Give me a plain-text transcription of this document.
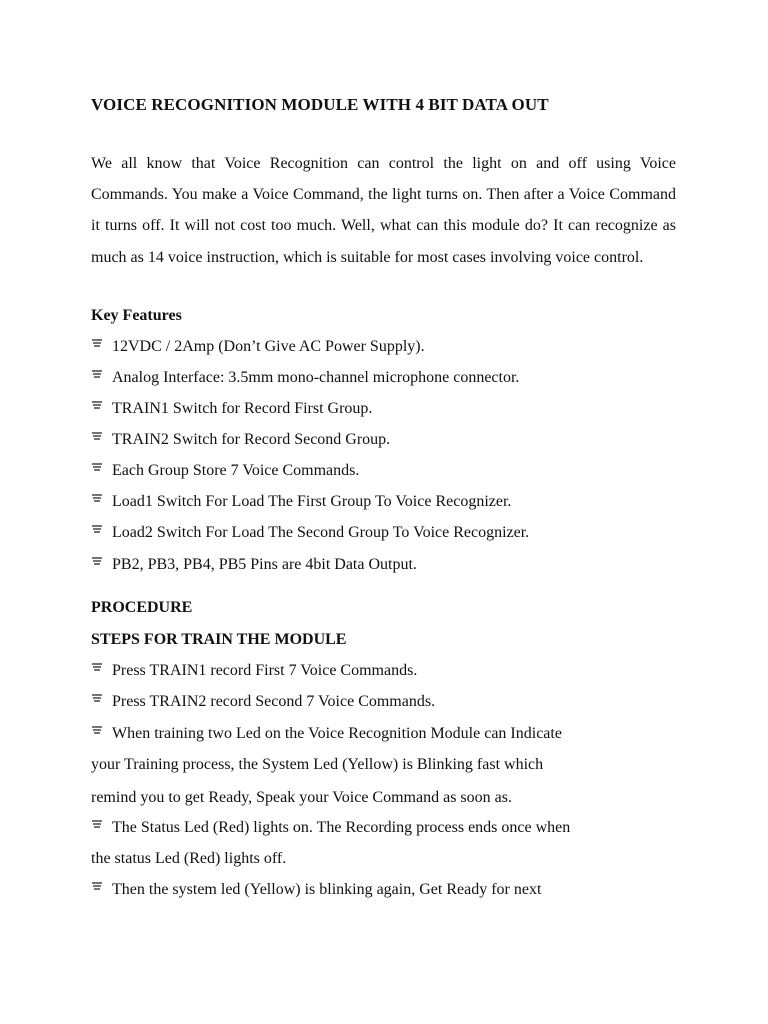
VOICE RECOGNITION MODULE WITH 4 BIT DATA OUT
We all know that Voice Recognition can control the light on and off using Voice Commands. You make a Voice Command, the light turns on. Then after a Voice Command it turns off. It will not cost too much. Well, what can this module do? It can recognize as much as 14 voice instruction, which is suitable for most cases involving voice control.
Key Features
12VDC / 2Amp (Don’t Give AC Power Supply).
Analog Interface: 3.5mm mono-channel microphone connector.
TRAIN1 Switch for Record First Group.
TRAIN2 Switch for Record Second Group.
Each Group Store 7 Voice Commands.
Load1 Switch For Load The First Group To Voice Recognizer.
Load2 Switch For Load The Second Group To Voice Recognizer.
PB2, PB3, PB4, PB5 Pins are 4bit Data Output.
PROCEDURE
STEPS FOR TRAIN THE MODULE
Press TRAIN1 record First 7 Voice Commands.
Press TRAIN2 record Second 7 Voice Commands.
When training two Led on the Voice Recognition Module can Indicate
your Training process, the System Led (Yellow) is Blinking fast which
remind you to get Ready, Speak your Voice Command as soon as.
The Status Led (Red) lights on. The Recording process ends once when
the status Led (Red) lights off.
Then the system led (Yellow) is blinking again, Get Ready for next
